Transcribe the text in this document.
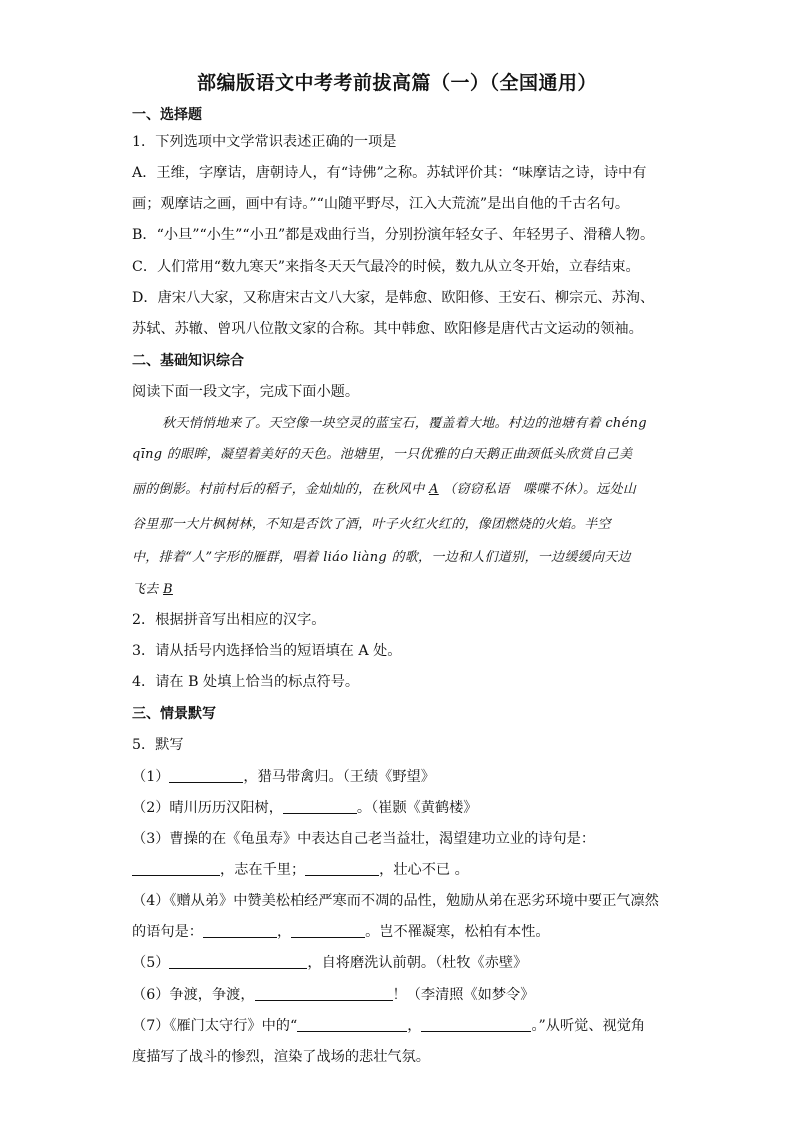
部编版语文中考考前拔高篇（一）（全国通用）
一、选择题
1．下列选项中文学常识表述正确的一项是
A．王维，字摩诘，唐朝诗人，有“诗佛”之称。苏轼评价其：“味摩诘之诗，诗中有
画；观摩诘之画，画中有诗。”“山随平野尽，江入大荒流”是出自他的千古名句。
B．“小旦”“小生”“小丑”都是戏曲行当，分别扮演年轻女子、年轻男子、滑稽人物。
C．人们常用“数九寒天”来指冬天天气最冷的时候，数九从立冬开始，立春结束。
D．唐宋八大家，又称唐宋古文八大家，是韩愈、欧阳修、王安石、柳宗元、苏洵、
苏轼、苏辙、曾巩八位散文家的合称。其中韩愈、欧阳修是唐代古文运动的领袖。
二、基础知识综合
阅读下面一段文字，完成下面小题。
秋天悄悄地来了。天空像一块空灵的蓝宝石，覆盖着大地。村边的池塘有着 chéng
qīng 的眼眸，凝望着美好的天色。池塘里，一只优雅的白天鹅正曲颈低头欣赏自己美
丽的倒影。村前村后的稻子，金灿灿的，在秋风中 A （窃窃私语　喋喋不休）。远处山
谷里那一大片枫树林，不知是否饮了酒，叶子火红火红的，像团燃烧的火焰。半空
中，排着“人”字形的雁群，唱着 liáo liàng 的歌，一边和人们道别，一边缓缓向天边
飞去 B
2．根据拼音写出相应的汉字。
3．请从括号内选择恰当的短语填在 A 处。
4．请在 B 处填上恰当的标点符号。
三、情景默写
5．默写
（1）	，猎马带禽归。（王绩《野望》
（2）晴川历历汉阳树，	。（崔颢《黄鹤楼》
（3）曹操的在《龟虽寿》中表达自己老当益壮，渴望建功立业的诗句是：
，志在千里；	，壮心不已 。
（4）《赠从弟》中赞美松柏经严寒而不凋的品性，勉励从弟在恶劣环境中要正气凛然
的语句是：	，	。岂不罹凝寒，松柏有本性。
（5）	，自将磨洗认前朝。（杜牧《赤壁》
（6）争渡，争渡，	！（李清照《如梦令》
（7）《雁门太守行》中的“	，	。”从听觉、视觉角
度描写了战斗的惨烈，渲染了战场的悲壮气氛。
